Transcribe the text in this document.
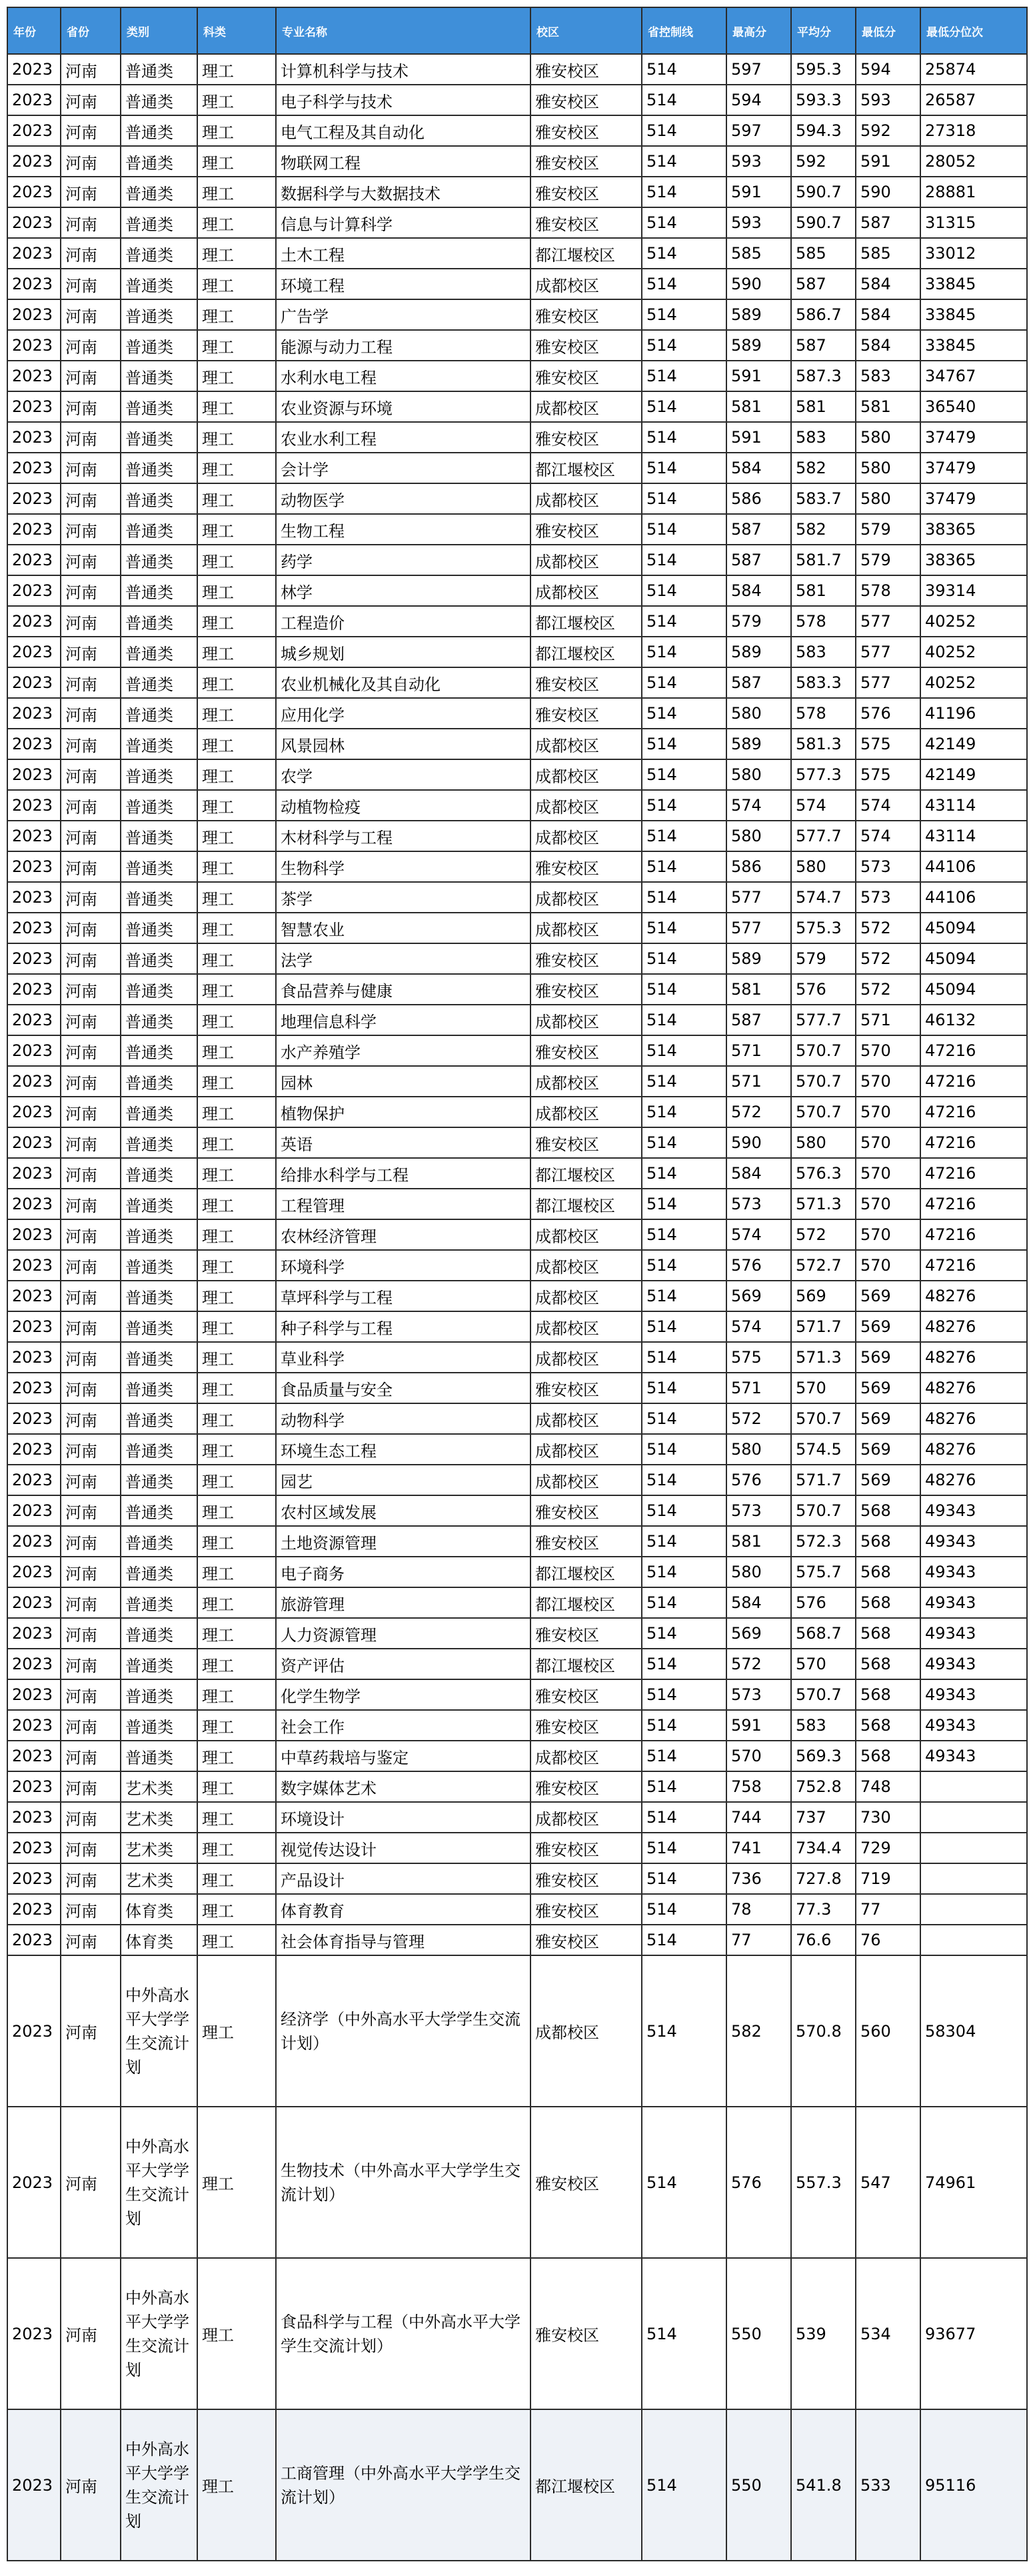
年份	省份	类别	科类	专业名称	校区	省控制线	最高分	平均分	最低分	最低分位次
2023	河南	普通类	理工	计算机科学与技术	雅安校区	514	597	595.3	594	25874
2023	河南	普通类	理工	电子科学与技术	雅安校区	514	594	593.3	593	26587
2023	河南	普通类	理工	电气工程及其自动化	雅安校区	514	597	594.3	592	27318
2023	河南	普通类	理工	物联网工程	雅安校区	514	593	592	591	28052
2023	河南	普通类	理工	数据科学与大数据技术	雅安校区	514	591	590.7	590	28881
2023	河南	普通类	理工	信息与计算科学	雅安校区	514	593	590.7	587	31315
2023	河南	普通类	理工	土木工程	都江堰校区	514	585	585	585	33012
2023	河南	普通类	理工	环境工程	成都校区	514	590	587	584	33845
2023	河南	普通类	理工	广告学	雅安校区	514	589	586.7	584	33845
2023	河南	普通类	理工	能源与动力工程	雅安校区	514	589	587	584	33845
2023	河南	普通类	理工	水利水电工程	雅安校区	514	591	587.3	583	34767
2023	河南	普通类	理工	农业资源与环境	成都校区	514	581	581	581	36540
2023	河南	普通类	理工	农业水利工程	雅安校区	514	591	583	580	37479
2023	河南	普通类	理工	会计学	都江堰校区	514	584	582	580	37479
2023	河南	普通类	理工	动物医学	成都校区	514	586	583.7	580	37479
2023	河南	普通类	理工	生物工程	雅安校区	514	587	582	579	38365
2023	河南	普通类	理工	药学	成都校区	514	587	581.7	579	38365
2023	河南	普通类	理工	林学	成都校区	514	584	581	578	39314
2023	河南	普通类	理工	工程造价	都江堰校区	514	579	578	577	40252
2023	河南	普通类	理工	城乡规划	都江堰校区	514	589	583	577	40252
2023	河南	普通类	理工	农业机械化及其自动化	雅安校区	514	587	583.3	577	40252
2023	河南	普通类	理工	应用化学	雅安校区	514	580	578	576	41196
2023	河南	普通类	理工	风景园林	成都校区	514	589	581.3	575	42149
2023	河南	普通类	理工	农学	成都校区	514	580	577.3	575	42149
2023	河南	普通类	理工	动植物检疫	成都校区	514	574	574	574	43114
2023	河南	普通类	理工	木材科学与工程	成都校区	514	580	577.7	574	43114
2023	河南	普通类	理工	生物科学	雅安校区	514	586	580	573	44106
2023	河南	普通类	理工	茶学	成都校区	514	577	574.7	573	44106
2023	河南	普通类	理工	智慧农业	成都校区	514	577	575.3	572	45094
2023	河南	普通类	理工	法学	雅安校区	514	589	579	572	45094
2023	河南	普通类	理工	食品营养与健康	雅安校区	514	581	576	572	45094
2023	河南	普通类	理工	地理信息科学	成都校区	514	587	577.7	571	46132
2023	河南	普通类	理工	水产养殖学	雅安校区	514	571	570.7	570	47216
2023	河南	普通类	理工	园林	成都校区	514	571	570.7	570	47216
2023	河南	普通类	理工	植物保护	成都校区	514	572	570.7	570	47216
2023	河南	普通类	理工	英语	雅安校区	514	590	580	570	47216
2023	河南	普通类	理工	给排水科学与工程	都江堰校区	514	584	576.3	570	47216
2023	河南	普通类	理工	工程管理	都江堰校区	514	573	571.3	570	47216
2023	河南	普通类	理工	农林经济管理	成都校区	514	574	572	570	47216
2023	河南	普通类	理工	环境科学	成都校区	514	576	572.7	570	47216
2023	河南	普通类	理工	草坪科学与工程	成都校区	514	569	569	569	48276
2023	河南	普通类	理工	种子科学与工程	成都校区	514	574	571.7	569	48276
2023	河南	普通类	理工	草业科学	成都校区	514	575	571.3	569	48276
2023	河南	普通类	理工	食品质量与安全	雅安校区	514	571	570	569	48276
2023	河南	普通类	理工	动物科学	成都校区	514	572	570.7	569	48276
2023	河南	普通类	理工	环境生态工程	成都校区	514	580	574.5	569	48276
2023	河南	普通类	理工	园艺	成都校区	514	576	571.7	569	48276
2023	河南	普通类	理工	农村区域发展	雅安校区	514	573	570.7	568	49343
2023	河南	普通类	理工	土地资源管理	雅安校区	514	581	572.3	568	49343
2023	河南	普通类	理工	电子商务	都江堰校区	514	580	575.7	568	49343
2023	河南	普通类	理工	旅游管理	都江堰校区	514	584	576	568	49343
2023	河南	普通类	理工	人力资源管理	雅安校区	514	569	568.7	568	49343
2023	河南	普通类	理工	资产评估	都江堰校区	514	572	570	568	49343
2023	河南	普通类	理工	化学生物学	雅安校区	514	573	570.7	568	49343
2023	河南	普通类	理工	社会工作	雅安校区	514	591	583	568	49343
2023	河南	普通类	理工	中草药栽培与鉴定	成都校区	514	570	569.3	568	49343
2023	河南	艺术类	理工	数字媒体艺术	雅安校区	514	758	752.8	748	
2023	河南	艺术类	理工	环境设计	成都校区	514	744	737	730	
2023	河南	艺术类	理工	视觉传达设计	雅安校区	514	741	734.4	729	
2023	河南	艺术类	理工	产品设计	雅安校区	514	736	727.8	719	
2023	河南	体育类	理工	体育教育	雅安校区	514	78	77.3	77	
2023	河南	体育类	理工	社会体育指导与管理	雅安校区	514	77	76.6	76	
2023	河南	中外高水平大学学生交流计划	理工	经济学（中外高水平大学学生交流计划）	成都校区	514	582	570.8	560	58304
2023	河南	中外高水平大学学生交流计划	理工	生物技术（中外高水平大学学生交流计划）	雅安校区	514	576	557.3	547	74961
2023	河南	中外高水平大学学生交流计划	理工	食品科学与工程（中外高水平大学学生交流计划）	雅安校区	514	550	539	534	93677
2023	河南	中外高水平大学学生交流计划	理工	工商管理（中外高水平大学学生交流计划）	都江堰校区	514	550	541.8	533	95116
